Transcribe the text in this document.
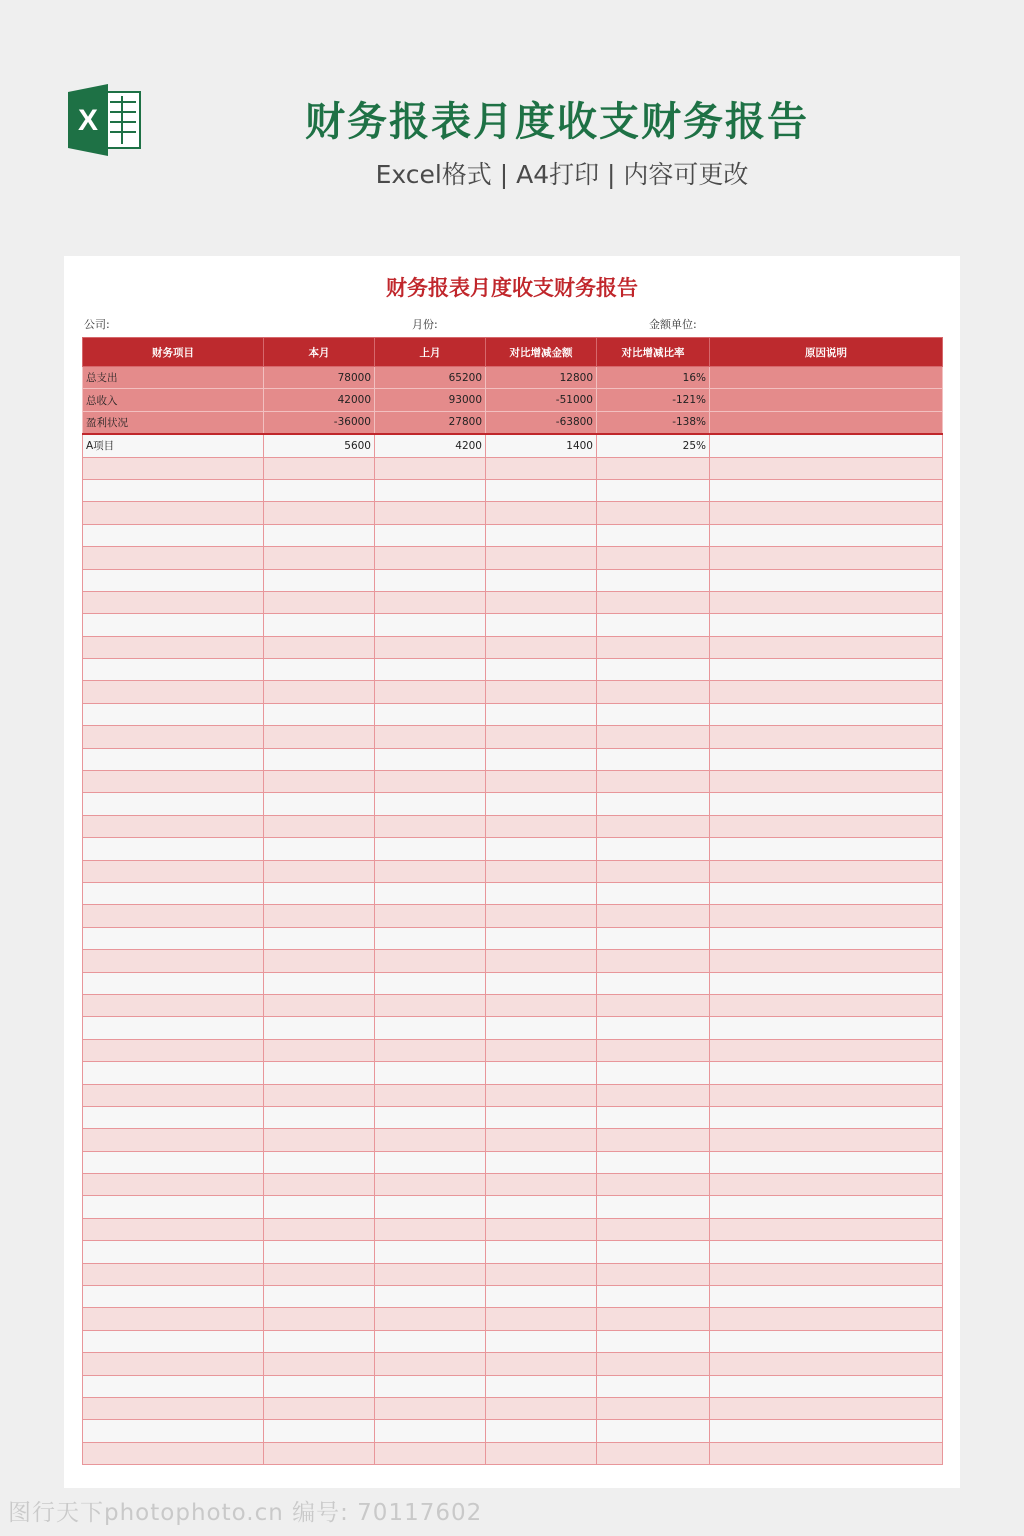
X	财务报表月度收支财务报告
Excel格式 | A4打印 | 内容可更改
财务报表月度收支财务报告
公司:	月份:	金额单位:
财务项目	本月	上月	对比增减金额	对比增减比率	原因说明
总支出	78000	65200	12800	16%	
总收入	42000	93000	-51000	-121%	
盈利状况	-36000	27800	-63800	-138%	
A项目	5600	4200	1400	25%	

图行天下photophoto.cn 编号: 70117602
